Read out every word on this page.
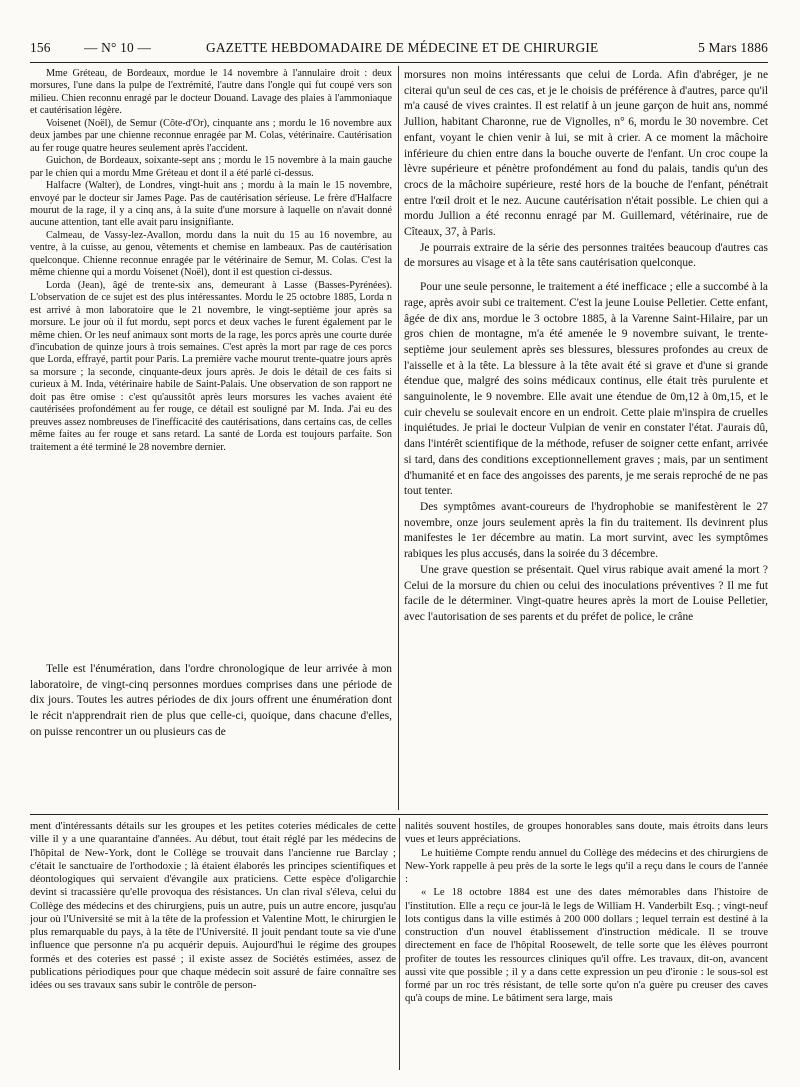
156 — N° 10 —	GAZETTE HEBDOMADAIRE DE MÉDECINE ET DE CHIRURGIE	5 Mars 1886

Mme Gréteau, de Bordeaux, mordue le 14 novembre à l'annulaire droit : deux morsures, l'une dans la pulpe de l'extrémité, l'autre dans l'ongle qui fut coupé vers son milieu. Chien reconnu enragé par le docteur Douand. Lavage des plaies à l'ammoniaque et cautérisation légère.

Voisenet (Noël), de Semur (Côte-d'Or), cinquante ans ; mordu le 16 novembre aux deux jambes par une chienne reconnue enragée par M. Colas, vétérinaire. Cautérisation au fer rouge quatre heures seulement après l'accident.

Guichon, de Bordeaux, soixante-sept ans ; mordu le 15 novembre à la main gauche par le chien qui a mordu Mme Gréteau et dont il a été parlé ci-dessus.

Halfacre (Walter), de Londres, vingt-huit ans ; mordu à la main le 15 novembre, envoyé par le docteur sir James Page. Pas de cautérisation sérieuse. Le frère d'Halfacre mourut de la rage, il y a cinq ans, à la suite d'une morsure à laquelle on n'avait donné aucune attention, tant elle avait paru insignifiante.

Calmeau, de Vassy-lez-Avallon, mordu dans la nuit du 15 au 16 novembre, au ventre, à la cuisse, au genou, vêtements et chemise en lambeaux. Pas de cautérisation quelconque. Chienne reconnue enragée par le vétérinaire de Semur, M. Colas. C'est la même chienne qui a mordu Voisenet (Noël), dont il est question ci-dessus.

Lorda (Jean), âgé de trente-six ans, demeurant à Lasse (Basses-Pyrénées). L'observation de ce sujet est des plus intéressantes. Mordu le 25 octobre 1885, Lorda n est arrivé à mon laboratoire que le 21 novembre, le vingt-septième jour après sa morsure. Le jour où il fut mordu, sept porcs et deux vaches le furent également par le même chien. Or les neuf animaux sont morts de la rage, les porcs après une courte durée d'incubation de quinze jours à trois semaines. C'est après la mort par rage de ces porcs que Lorda, effrayé, partit pour Paris. La première vache mourut trente-quatre jours après sa morsure ; la seconde, cinquante-deux jours après. Je dois le détail de ces faits si curieux à M. Inda, vétérinaire habile de Saint-Palais. Une observation de son rapport ne doit pas être omise : c'est qu'aussitôt après leurs morsures les vaches avaient été cautérisées profondément au fer rouge, ce détail est souligné par M. Inda. J'ai eu des preuves assez nombreuses de l'inefficacité des cautérisations, dans certains cas, de celles même faites au fer rouge et sans retard. La santé de Lorda est toujours parfaite. Son traitement a été terminé le 28 novembre dernier.

Telle est l'énumération, dans l'ordre chronologique de leur arrivée à mon laboratoire, de vingt-cinq personnes mordues comprises dans une période de dix jours. Toutes les autres périodes de dix jours offrent une énumération dont le récit n'apprendrait rien de plus que celle-ci, quoique, dans chacune d'elles, on puisse rencontrer un ou plusieurs cas de

morsures non moins intéressants que celui de Lorda. Afin d'abréger, je ne citerai qu'un seul de ces cas, et je le choisis de préférence à d'autres, parce qu'il m'a causé de vives craintes. Il est relatif à un jeune garçon de huit ans, nommé Jullion, habitant Charonne, rue de Vignolles, n° 6, mordu le 30 novembre. Cet enfant, voyant le chien venir à lui, se mit à crier. A ce moment la mâchoire inférieure du chien entre dans la bouche ouverte de l'enfant. Un croc coupe la lèvre supérieure et pénètre profondément au fond du palais, tandis qu'un des crocs de la mâchoire supérieure, resté hors de la bouche de l'enfant, pénétrait entre l'œil droit et le nez. Aucune cautérisation n'était possible. Le chien qui a mordu Jullion a été reconnu enragé par M. Guillemard, vétérinaire, rue de Cîteaux, 37, à Paris.

Je pourrais extraire de la série des personnes traitées beaucoup d'autres cas de morsures au visage et à la tête sans cautérisation quelconque.

Pour une seule personne, le traitement a été inefficace ; elle a succombé à la rage, après avoir subi ce traitement. C'est la jeune Louise Pelletier. Cette enfant, âgée de dix ans, mordue le 3 octobre 1885, à la Varenne Saint-Hilaire, par un gros chien de montagne, m'a été amenée le 9 novembre suivant, le trente-septième jour seulement après ses blessures, blessures profondes au creux de l'aisselle et à la tête. La blessure à la tête avait été si grave et d'une si grande étendue que, malgré des soins médicaux continus, elle était très purulente et sanguinolente, le 9 novembre. Elle avait une étendue de 0m,12 à 0m,15, et le cuir chevelu se soulevait encore en un endroit. Cette plaie m'inspira de cruelles inquiétudes. Je priai le docteur Vulpian de venir en constater l'état. J'aurais dû, dans l'intérêt scientifique de la méthode, refuser de soigner cette enfant, arrivée si tard, dans des conditions exceptionnellement graves ; mais, par un sentiment d'humanité et en face des angoisses des parents, je me serais reproché de ne pas tout tenter.

Des symptômes avant-coureurs de l'hydrophobie se manifestèrent le 27 novembre, onze jours seulement après la fin du traitement. Ils devinrent plus manifestes le 1er décembre au matin. La mort survint, avec les symptômes rabiques les plus accusés, dans la soirée du 3 décembre.

Une grave question se présentait. Quel virus rabique avait amené la mort ? Celui de la morsure du chien ou celui des inoculations préventives ? Il me fut facile de le déterminer. Vingt-quatre heures après la mort de Louise Pelletier, avec l'autorisation de ses parents et du préfet de police, le crâne

ment d'intéressants détails sur les groupes et les petites coteries médicales de cette ville il y a une quarantaine d'années. Au début, tout était réglé par les médecins de l'hôpital de New-York, dont le Collège se trouvait dans l'ancienne rue Barclay ; c'était le sanctuaire de l'orthodoxie ; là étaient élaborés les principes scientifiques et déontologiques qui servaient d'évangile aux praticiens. Cette espèce d'oligarchie devint si tracassière qu'elle provoqua des résistances. Un clan rival s'éleva, celui du Collège des médecins et des chirurgiens, puis un autre, puis un autre encore, jusqu'au jour où l'Université se mit à la tête de la profession et Valentine Mott, le chirurgien le plus remarquable du pays, à la tête de l'Université. Il jouit pendant toute sa vie d'une influence que personne n'a pu acquérir depuis. Aujourd'hui le régime des groupes formés et des coteries est passé ; il existe assez de Sociétés estimées, assez de publications périodiques pour que chaque médecin soit assuré de faire connaître ses idées ou ses travaux sans subir le contrôle de person-

nalités souvent hostiles, de groupes honorables sans doute, mais étroits dans leurs vues et leurs appréciations.

Le huitième Compte rendu annuel du Collège des médecins et des chirurgiens de New-York rappelle à peu près de la sorte le legs qu'il a reçu dans le cours de l'année :

« Le 18 octobre 1884 est une des dates mémorables dans l'histoire de l'institution. Elle a reçu ce jour-là le legs de William H. Vanderbilt Esq. ; vingt-neuf lots contigus dans la ville estimés à 200 000 dollars ; lequel terrain est destiné à la construction d'un nouvel établissement d'instruction médicale. Il se trouve directement en face de l'hôpital Roosewelt, de telle sorte que les élèves pourront profiter de toutes les ressources cliniques qu'il offre. Les travaux, dit-on, avancent aussi vite que possible ; il y a dans cette expression un peu d'ironie : le sous-sol est formé par un roc très résistant, de telle sorte qu'on n'a guère pu creuser des caves qu'à coups de mine. Le bâtiment sera large, mais
